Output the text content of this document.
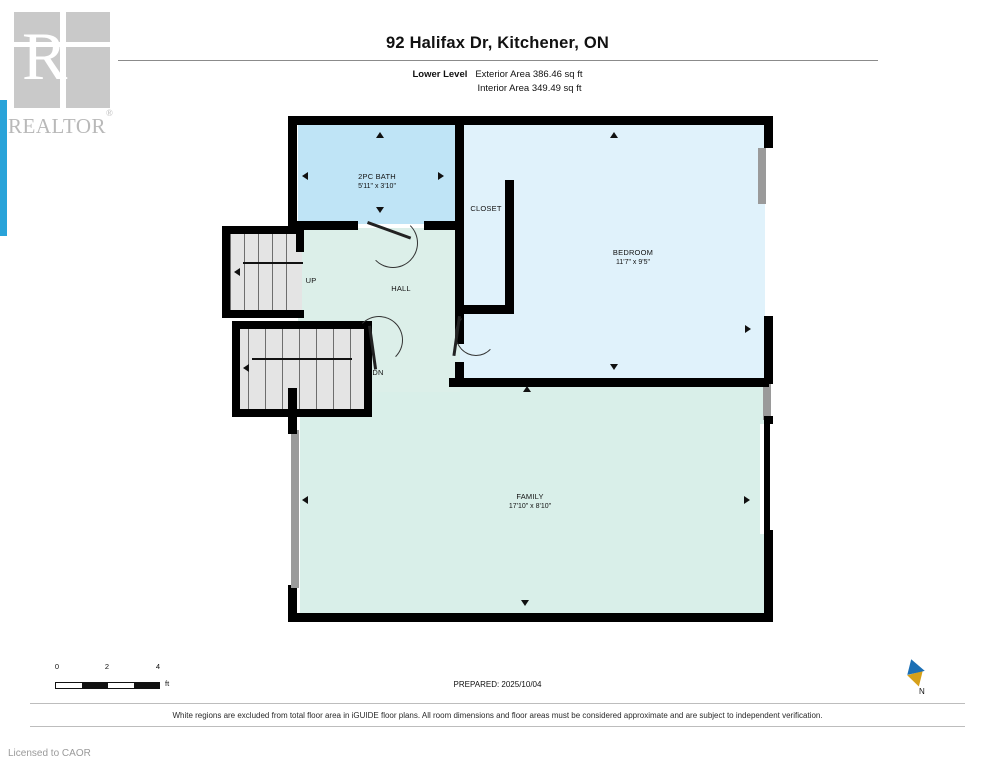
R
REALTOR®
92 Halifax Dr, Kitchener, ON
Lower Level Exterior Area 386.46 sq ft
Interior Area 349.49 sq ft
2PC BATH
5'11" x 3'10"
CLOSET
BEDROOM
11'7" x 9'5"
HALL
FAMILY
17'10" x 8'10"
UP
DN
0	2	4
ft	PREPARED: 2025/10/04
N
White regions are excluded from total floor area in iGUIDE floor plans. All room dimensions and floor areas must be considered approximate and are subject to independent verification.
Licensed to CAOR
